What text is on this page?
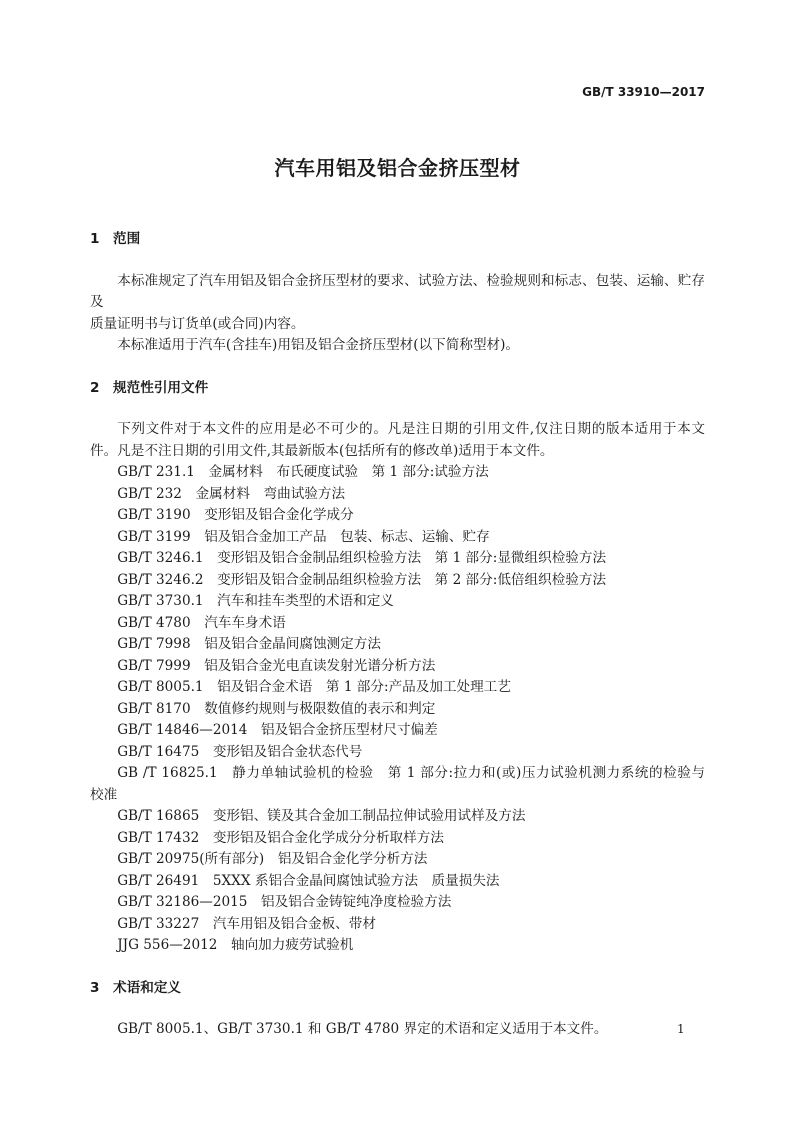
GB/T 33910—2017
汽车用铝及铝合金挤压型材
1　范围
本标准规定了汽车用铝及铝合金挤压型材的要求、试验方法、检验规则和标志、包装、运输、贮存及
质量证明书与订货单(或合同)内容。
本标准适用于汽车(含挂车)用铝及铝合金挤压型材(以下简称型材)。
2　规范性引用文件
下列文件对于本文件的应用是必不可少的。凡是注日期的引用文件,仅注日期的版本适用于本文
件。凡是不注日期的引用文件,其最新版本(包括所有的修改单)适用于本文件。
GB/T 231.1　金属材料　布氏硬度试验　第 1 部分:试验方法
GB/T 232　金属材料　弯曲试验方法
GB/T 3190　变形铝及铝合金化学成分
GB/T 3199　铝及铝合金加工产品　包装、标志、运输、贮存
GB/T 3246.1　变形铝及铝合金制品组织检验方法　第 1 部分:显微组织检验方法
GB/T 3246.2　变形铝及铝合金制品组织检验方法　第 2 部分:低倍组织检验方法
GB/T 3730.1　汽车和挂车类型的术语和定义
GB/T 4780　汽车车身术语
GB/T 7998　铝及铝合金晶间腐蚀测定方法
GB/T 7999　铝及铝合金光电直读发射光谱分析方法
GB/T 8005.1　铝及铝合金术语　第 1 部分:产品及加工处理工艺
GB/T 8170　数值修约规则与极限数值的表示和判定
GB/T 14846—2014　铝及铝合金挤压型材尺寸偏差
GB/T 16475　变形铝及铝合金状态代号
GB /T 16825.1　静力单轴试验机的检验　第 1 部分:拉力和(或)压力试验机测力系统的检验与
校准
GB/T 16865　变形铝、镁及其合金加工制品拉伸试验用试样及方法
GB/T 17432　变形铝及铝合金化学成分分析取样方法
GB/T 20975(所有部分)　铝及铝合金化学分析方法
GB/T 26491　5XXX 系铝合金晶间腐蚀试验方法　质量损失法
GB/T 32186—2015　铝及铝合金铸锭纯净度检验方法
GB/T 33227　汽车用铝及铝合金板、带材
JJG 556—2012　轴向加力疲劳试验机
3　术语和定义
GB/T 8005.1、GB/T 3730.1 和 GB/T 4780 界定的术语和定义适用于本文件。	1
